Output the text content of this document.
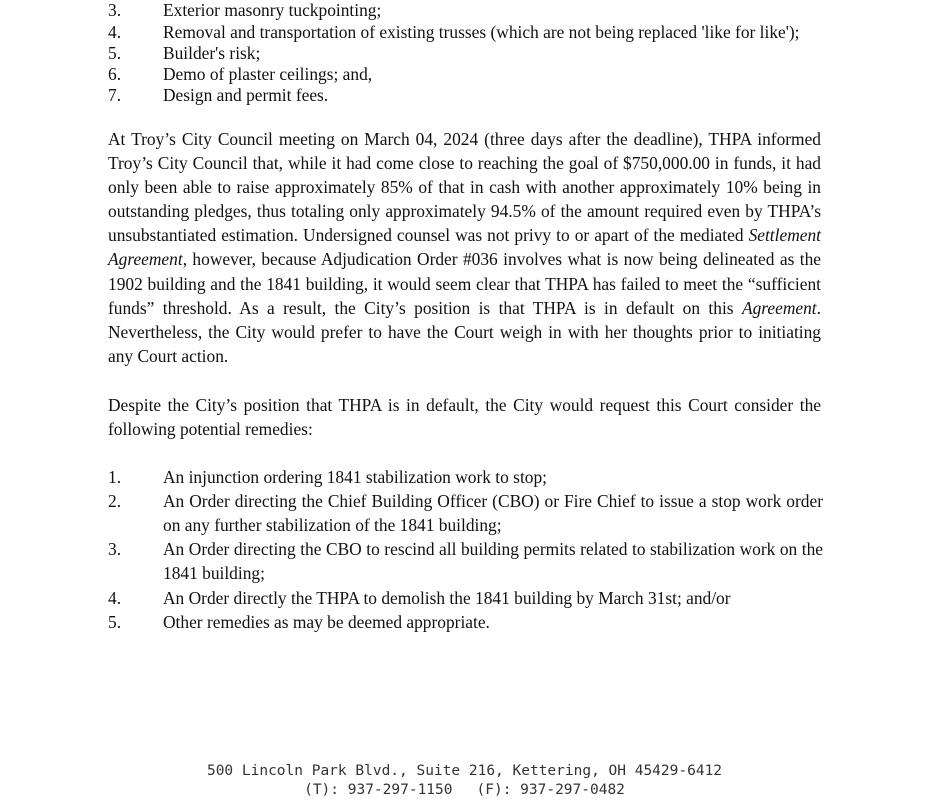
3. Exterior masonry tuckpointing;
4. Removal and transportation of existing trusses (which are not being replaced 'like for like');
5. Builder's risk;
6. Demo of plaster ceilings; and,
7. Design and permit fees.

At Troy’s City Council meeting on March 04, 2024 (three days after the deadline), THPA informed Troy’s City Council that, while it had come close to reaching the goal of $750,000.00 in funds, it had only been able to raise approximately 85% of that in cash with another approximately 10% being in outstanding pledges, thus totaling only approximately 94.5% of the amount required even by THPA’s unsubstantiated estimation. Undersigned counsel was not privy to or apart of the mediated Settlement Agreement, however, because Adjudication Order #036 involves what is now being delineated as the 1902 building and the 1841 building, it would seem clear that THPA has failed to meet the “sufficient funds” threshold. As a result, the City’s position is that THPA is in default on this Agreement. Nevertheless, the City would prefer to have the Court weigh in with her thoughts prior to initiating any Court action.

Despite the City’s position that THPA is in default, the City would request this Court consider the following potential remedies:

1. An injunction ordering 1841 stabilization work to stop;
2. An Order directing the Chief Building Officer (CBO) or Fire Chief to issue a stop work order on any further stabilization of the 1841 building;
3. An Order directing the CBO to rescind all building permits related to stabilization work on the 1841 building;
4. An Order directly the THPA to demolish the 1841 building by March 31st; and/or
5. Other remedies as may be deemed appropriate.
500 Lincoln Park Blvd., Suite 216, Kettering, OH 45429-6412
(T): 937-297-1150 (F): 937-297-0482
